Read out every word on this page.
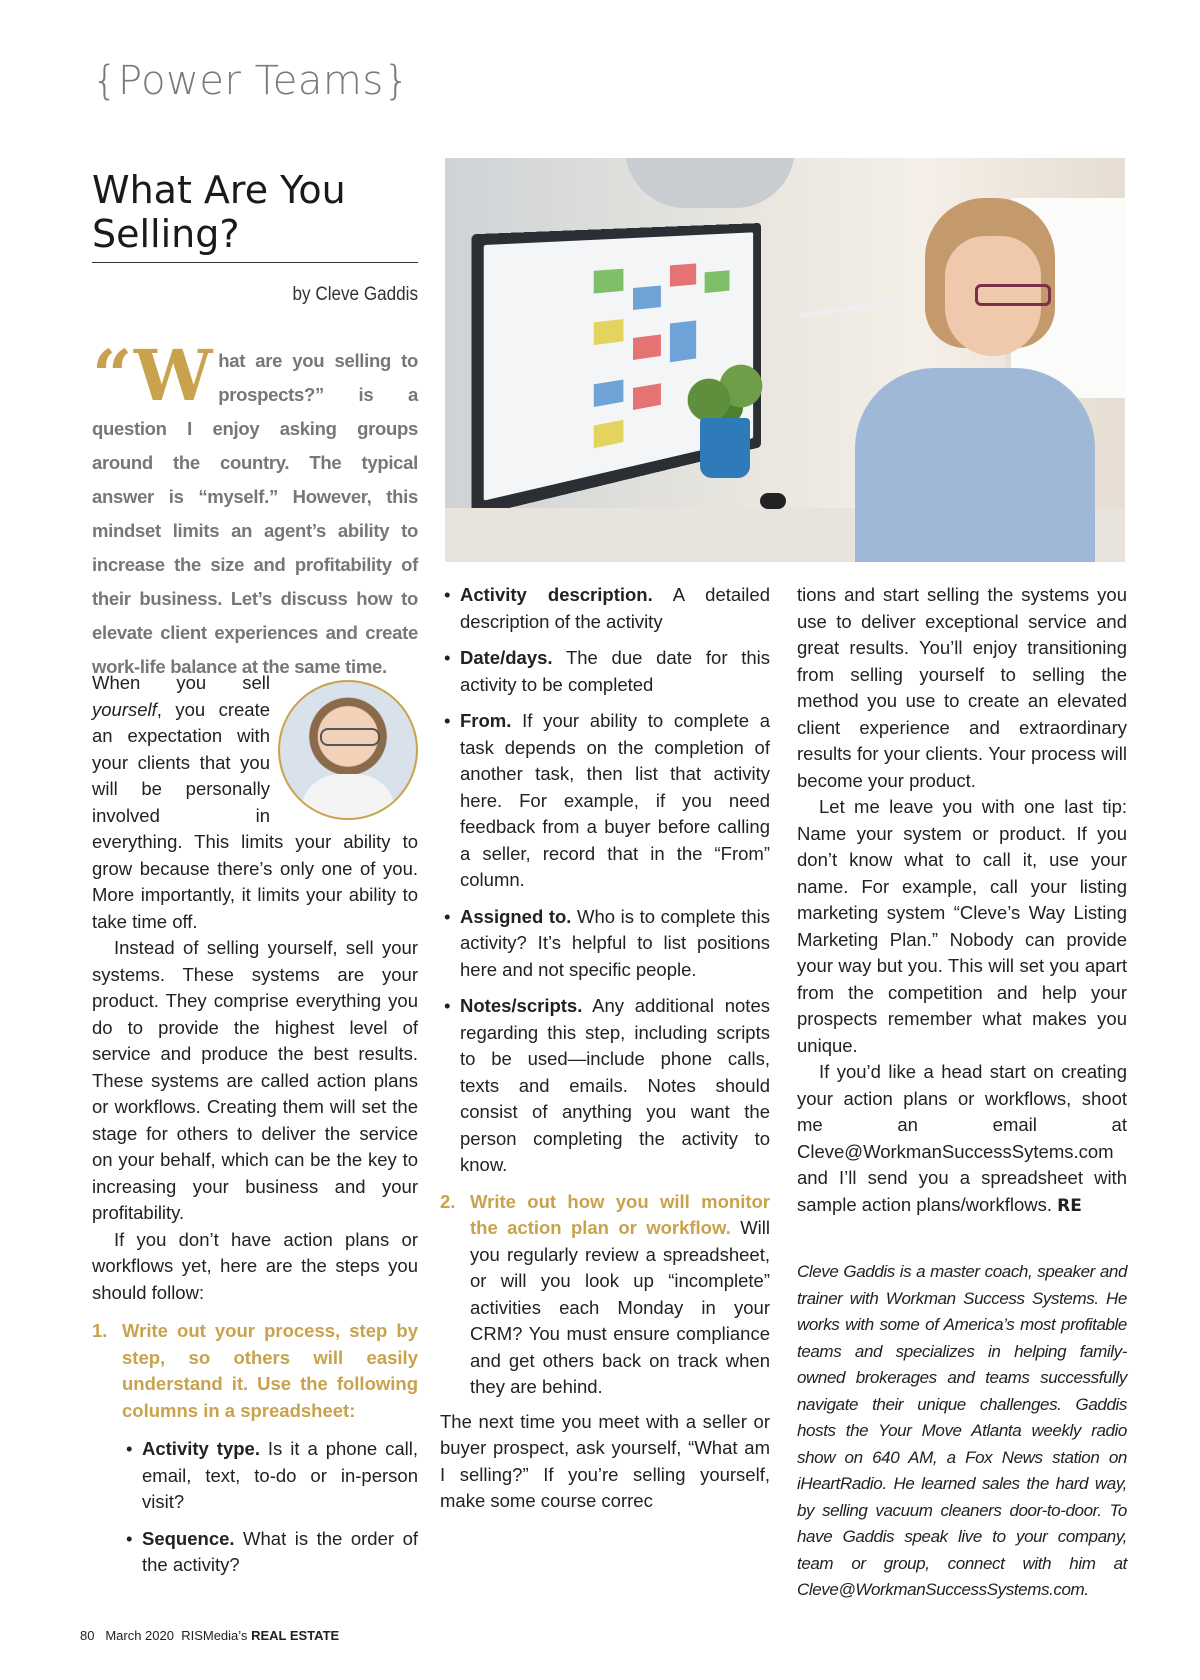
{Power Teams}
What Are You Selling?
by Cleve Gaddis

“What are you selling to prospects?” is a question I enjoy asking groups around the country. The typical answer is “myself.” However, this mindset limits an agent’s ability to increase the size and profitability of their business. Let’s discuss how to elevate client experiences and create work-life balance at the same time.

When you sell yourself, you create an expectation with your clients that you will be personally involved in everything. This limits your ability to grow because there’s only one of you. More importantly, it limits your ability to take time off.

Instead of selling yourself, sell your systems. These systems are your product. They comprise everything you do to provide the highest level of service and produce the best results. These systems are called action plans or workflows. Creating them will set the stage for others to deliver the service on your behalf, which can be the key to increasing your business and your profitability.

If you don’t have action plans or workflows yet, here are the steps you should follow:

1. Write out your process, step by step, so others will easily understand it. Use the following columns in a spreadsheet:
• Activity type. Is it a phone call, email, text, to-do or in-person visit?
• Sequence. What is the order of the activity?
• Activity description. A detailed description of the activity
• Date/days. The due date for this activity to be completed
• From. If your ability to complete a task depends on the completion of another task, then list that activity here. For example, if you need feedback from a buyer before calling a seller, record that in the “From” column.
• Assigned to. Who is to complete this activity? It’s helpful to list positions here and not specific people.
• Notes/scripts. Any additional notes regarding this step, including scripts to be used—include phone calls, texts and emails. Notes should consist of anything you want the person completing the activity to know.
2. Write out how you will monitor the action plan or workflow. Will you regularly review a spreadsheet, or will you look up “incomplete” activities each Monday in your CRM? You must ensure compliance and get others back on track when they are behind.

The next time you meet with a seller or buyer prospect, ask yourself, “What am I selling?” If you’re selling yourself, make some course correc

tions and start selling the systems you use to deliver exceptional service and great results. You’ll enjoy transitioning from selling yourself to selling the method you use to create an elevated client experience and extraordinary results for your clients. Your process will become your product.

Let me leave you with one last tip: Name your system or product. If you don’t know what to call it, use your name. For example, call your listing marketing system “Cleve’s Way Listing Marketing Plan.” Nobody can provide your way but you. This will set you apart from the competition and help your prospects remember what makes you unique.

If you’d like a head start on creating your action plans or workflows, shoot me an email at Cleve@WorkmanSuccessSytems.com and I’ll send you a spreadsheet with sample action plans/workflows. RE

Cleve Gaddis is a master coach, speaker and trainer with Workman Success Systems. He works with some of America’s most profitable teams and specializes in helping family-owned brokerages and teams successfully navigate their unique challenges. Gaddis hosts the Your Move Atlanta weekly radio show on 640 AM, a Fox News station on iHeartRadio. He learned sales the hard way, by selling vacuum cleaners door-to-door. To have Gaddis speak live to your company, team or group, connect with him at Cleve@WorkmanSuccessSystems.com.

80 March 2020 RISMedia’s REAL ESTATE
